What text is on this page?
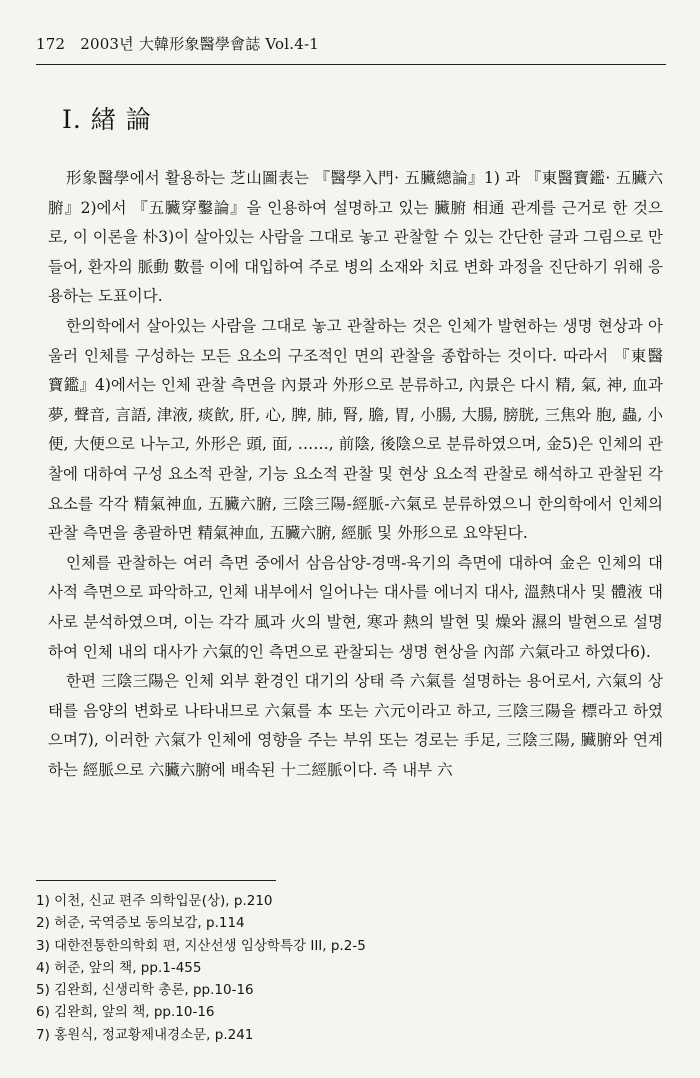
172 2003년 大韓形象醫學會誌 Vol.4-1
I. 緖 論

形象醫學에서 활용하는 芝山圖表는 『醫學入門· 五臟總論』1) 과 『東醫寶鑑· 五臟六腑』2)에서 『五臟穿鑿論』을 인용하여 설명하고 있는 臟腑 相通 관계를 근거로 한 것으로, 이 이론을 朴3)이 살아있는 사람을 그대로 놓고 관찰할 수 있는 간단한 글과 그림으로 만들어, 환자의 脈動 數를 이에 대입하여 주로 병의 소재와 치료 변화 과정을 진단하기 위해 응용하는 도표이다.

한의학에서 살아있는 사람을 그대로 놓고 관찰하는 것은 인체가 발현하는 생명 현상과 아울러 인체를 구성하는 모든 요소의 구조적인 면의 관찰을 종합하는 것이다. 따라서 『東醫寶鑑』4)에서는 인체 관찰 측면을 內景과 外形으로 분류하고, 內景은 다시 精, 氣, 神, 血과 夢, 聲音, 言語, 津液, 痰飮, 肝, 心, 脾, 肺, 腎, 膽, 胃, 小腸, 大腸, 膀胱, 三焦와 胞, 蟲, 小便, 大便으로 나누고, 外形은 頭, 面, ……, 前陰, 後陰으로 분류하였으며, 金5)은 인체의 관찰에 대하여 구성 요소적 관찰, 기능 요소적 관찰 및 현상 요소적 관찰로 해석하고 관찰된 각 요소를 각각 精氣神血, 五臟六腑, 三陰三陽-經脈-六氣로 분류하였으니 한의학에서 인체의 관찰 측면을 총괄하면 精氣神血, 五臟六腑, 經脈 및 外形으로 요약된다.

인체를 관찰하는 여러 측면 중에서 삼음삼양-경맥-육기의 측면에 대하여 金은 인체의 대사적 측면으로 파악하고, 인체 내부에서 일어나는 대사를 에너지 대사, 溫熱대사 및 體液 대사로 분석하였으며, 이는 각각 風과 火의 발현, 寒과 熱의 발현 및 燥와 濕의 발현으로 설명하여 인체 내의 대사가 六氣的인 측면으로 관찰되는 생명 현상을 內部 六氣라고 하였다6).

한편 三陰三陽은 인체 외부 환경인 대기의 상태 즉 六氣를 설명하는 용어로서, 六氣의 상태를 음양의 변화로 나타내므로 六氣를 本 또는 六元이라고 하고, 三陰三陽을 標라고 하였으며7), 이러한 六氣가 인체에 영향을 주는 부위 또는 경로는 手足, 三陰三陽, 臟腑와 연계하는 經脈으로 六臟六腑에 배속된 十二經脈이다. 즉 내부 六

1) 이천, 신교 편주 의학입문(상), p.210
2) 허준, 국역증보 동의보감, p.114
3) 대한전통한의학회 편, 지산선생 임상학특강 III, p.2-5
4) 허준, 앞의 책, pp.1-455
5) 김완희, 신생리학 총론, pp.10-16
6) 김완희, 앞의 책, pp.10-16
7) 홍원식, 정교황제내경소문, p.241
